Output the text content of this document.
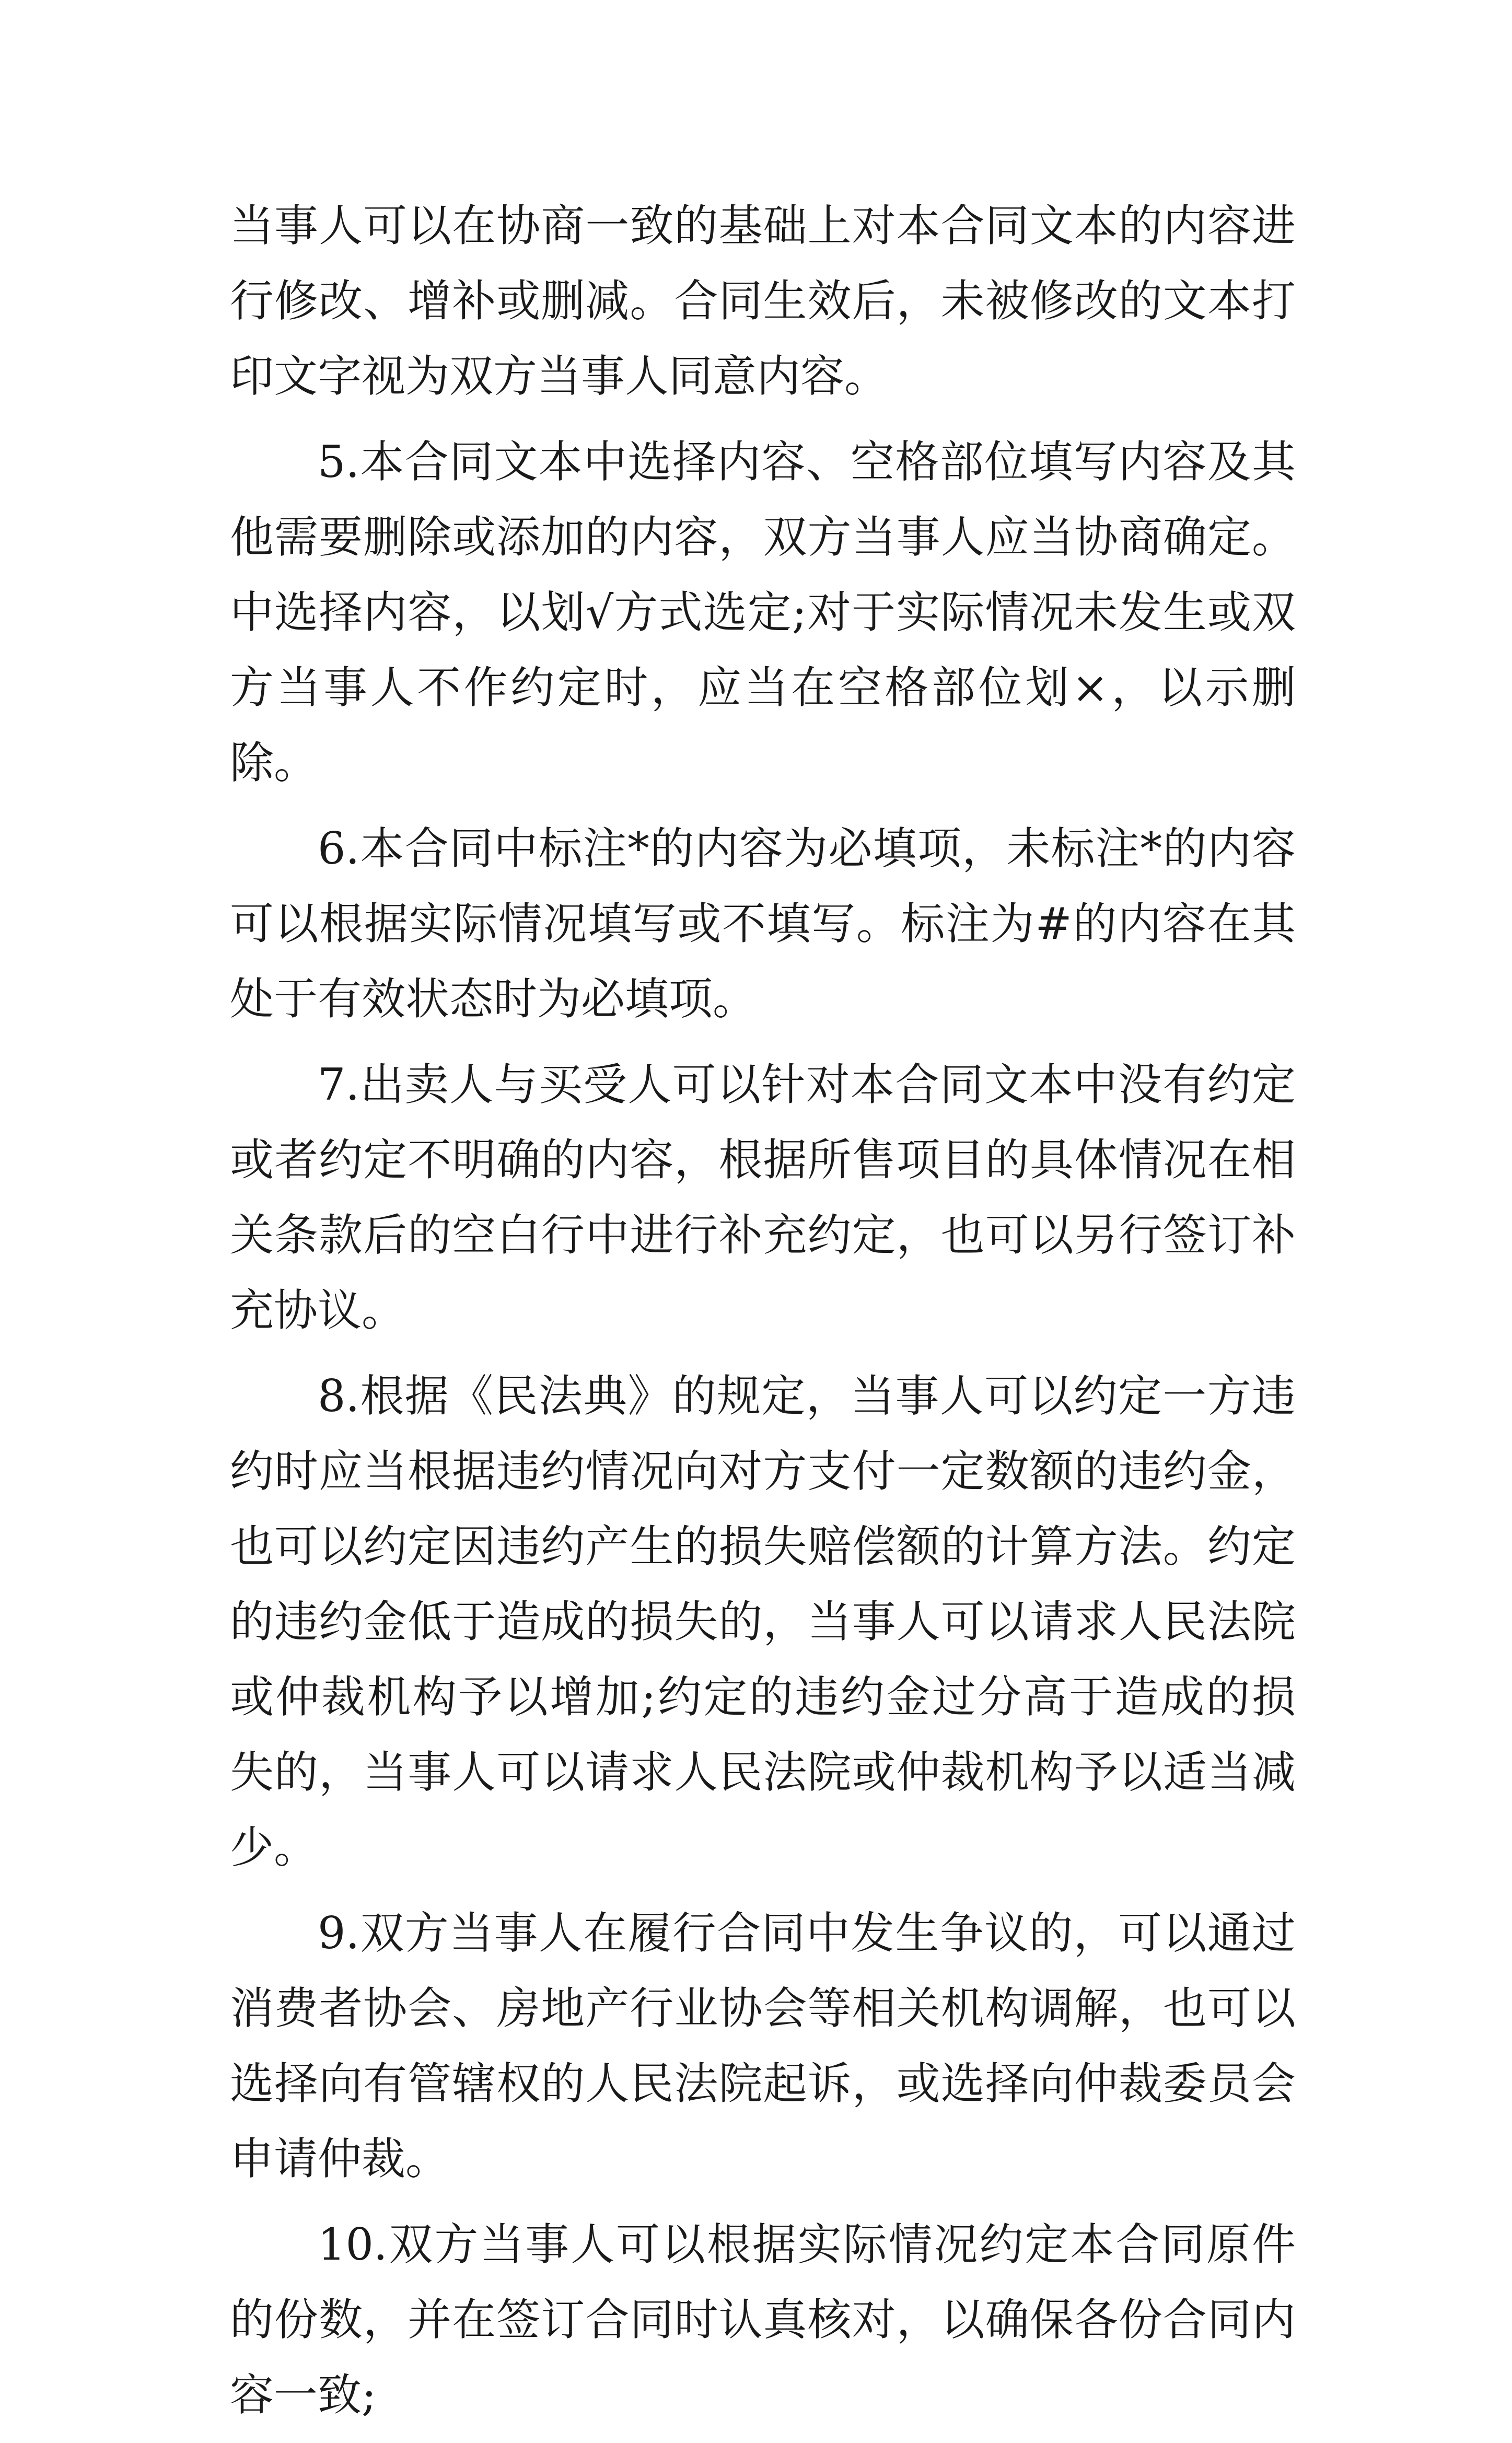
当事人可以在协商一致的基础上对本合同文本的内容进行修改、增补或删减。合同生效后，未被修改的文本打印文字视为双方当事人同意内容。

5.本合同文本中选择内容、空格部位填写内容及其他需要删除或添加的内容，双方当事人应当协商确定。中选择内容，以划√方式选定;对于实际情况未发生或双方当事人不作约定时，应当在空格部位划×，以示删除。

6.本合同中标注*的内容为必填项，未标注*的内容可以根据实际情况填写或不填写。标注为#的内容在其处于有效状态时为必填项。

7.出卖人与买受人可以针对本合同文本中没有约定或者约定不明确的内容，根据所售项目的具体情况在相关条款后的空白行中进行补充约定，也可以另行签订补充协议。

8.根据《民法典》的规定，当事人可以约定一方违约时应当根据违约情况向对方支付一定数额的违约金，也可以约定因违约产生的损失赔偿额的计算方法。约定的违约金低于造成的损失的，当事人可以请求人民法院或仲裁机构予以增加;约定的违约金过分高于造成的损失的，当事人可以请求人民法院或仲裁机构予以适当减少。

9.双方当事人在履行合同中发生争议的，可以通过消费者协会、房地产行业协会等相关机构调解，也可以选择向有管辖权的人民法院起诉，或选择向仲裁委员会申请仲裁。

10.双方当事人可以根据实际情况约定本合同原件的份数，并在签订合同时认真核对，以确保各份合同内容一致;
